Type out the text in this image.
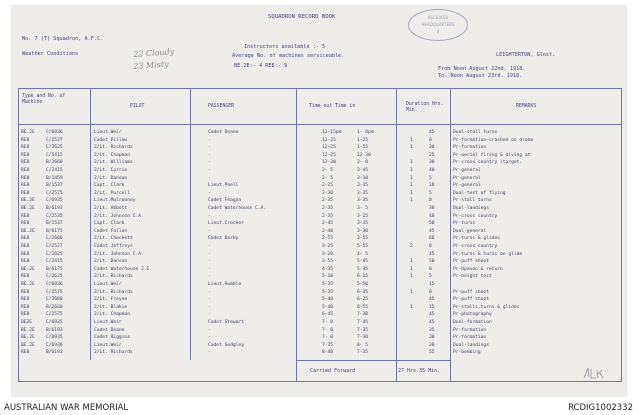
RECEIVED
HEADQUARTERS
8
SQUADRON RECORD BOOK
No. 7 (T) Squadron, A.F.C.
Weather Conditions	22 Cloudy
23 Misty
Instructors available :- 5
Average No. of machines serviceable.
BE.2E:- 4 RE8:- 9
LEIGHTERTON, Glost.
From Noon August 22nd. 1918.
To. Noon August 23rd. 1918.
Type and No. of Machine
PILOT	PASSENGER	Time out Time in	Duration Hrs. Min.
REMARKS
BE.2E C/6936	Lieut.Weir	Cadet Deane	12-15pm	1- 0pm	45	Dual-stall turns
RE8	C/2527	Cadet Pillow	-	12-25	1-25	1	0	Pr-formation-crashed on drome
RE8	C/2625	2/Lt. Richards	-	12-25	1-55	1	30	Pr-formation
RE8	C/5415	2/Lt. Chapman	-	12-25	12-30	25	Pr-aerial firing & diving at
RE8	B/2660	2/Lt. Williams	-	12-30	2- 0	1	30	Pr-cross country (target.
RE8	C/2415	2/Lt. Currie	-	2- 5	3-45	1	40	Pr-general
RE8	B/1459	2/Lt. Danson	-	2- 5	3-10	1	5	Pr-general
RE8	B/1537	Capt. Clark	Lieut.Poell	2-25	3-35	1	10	Pr-general
RE8	C/2575	2/Lt. Purcell	-	2-30	3-35	1	5	Dual-test of flying
BE.2E C/6935	Lieut.Mulrooney	Cadet Feagan	2-35	3-35	1	0	Pr-stall turns
BE.2E B/6193	2/Lt. Abbott	Cadet Waterhouse C.A.	2-35	3- 5	30	Dual-landings
RE8	C/2535	2/Lt. Johnson C.A.	-	2-35	3-15	40	Pr-cross country
RE8	B/1537	Capt. Clark	Lieut.Crocker	2-45	3-35	50	Pr-turns
BE.2E B/6175	Cadet Fallon	-	2-48	3-30	45	Dual-general
RE8	C/2660	2/Lt. Checkett	Cadet Darby	2-55	3-55	60	Pr-turns & glides
RE8	C/2527	Cadet Jeffreys	-	3-25	5-55	2	0	Pr-cross country
RE8	C/2625	2/Lt. Johnson C.A.	-	3-20	4- 5	45	Pr-turns & turns on glide
RE8	C/2415	2/Lt. Danson	-	3-55	5-45	1	50	Pr-puff shoot
BE.2E B/6175	Cadet Waterhouse J.E.	-	4-35	5-35	1	0	Pr-Upavon & return
RE8	C/2625	2/Lt. Richards	-	5-10	6-15	1	5	Pr-height test
BE.2E C/6936	Lieut.Weir	Lieut.Humble	5-35	5-50	15
RE8	C/2575	2/Lt. Richards	-	5-35	6-35	1	0	Pr-puff shoot
RE8	C/2660	2/Lt. Freyne	-	5-40	6-25	45	Pr-puff shoot
RE8	B/2660	2/Lt. Blakie	-	5-40	6-55	1	15	Pr-stalls,turns & glides
RE8	C/2575	2/Lt. Chapman	-	6-45	7-30	45	Pr-photography
BE2E	C/6935	Lieut.Weir	Cadet Stewart	7- 0	7-45	45	Dual-formation
BE.2E B/6193	Cadet Deane	-	7- 0	7-35	35	Pr-formation
BE.2E C/6935	Cadet Riggins	-	7- 0	7-30	30	Pr-formation
BE.2E C/6936	Lieut.Weir	Cadet Sedgley	7-35	8- 5	30	Dual-landings
RE8	B/6193	2/Lt. Richards	-	8-40	7-35	55	Pr-bombing
Carried Forward	27 Hrs.35 Min.
AUSTRALIAN WAR MEMORIAL	RCDIG1002332
